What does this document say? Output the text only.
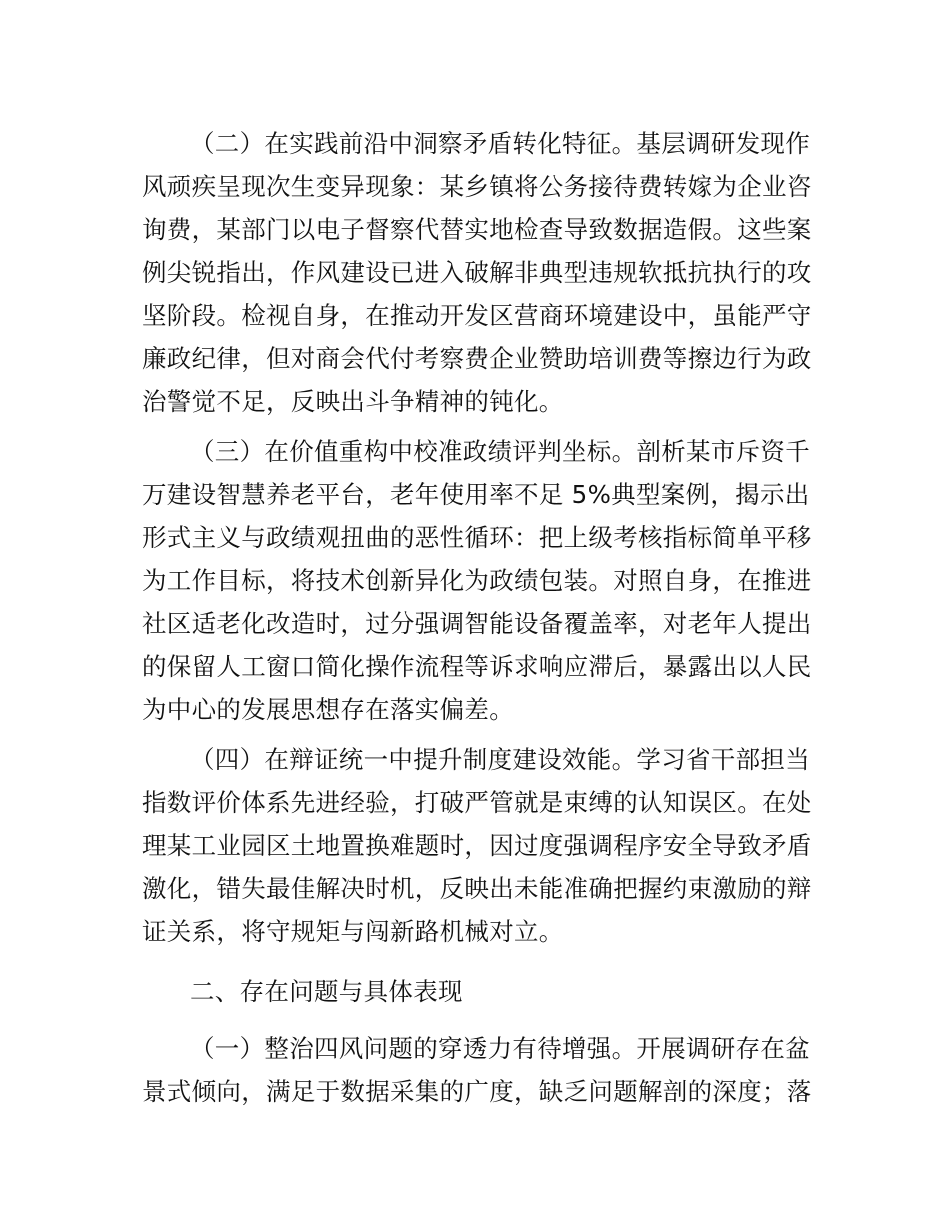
（二）在实践前沿中洞察矛盾转化特征。基层调研发现作
风顽疾呈现次生变异现象：某乡镇将公务接待费转嫁为企业咨
询费，某部门以电子督察代替实地检查导致数据造假。这些案
例尖锐指出，作风建设已进入破解非典型违规软抵抗执行的攻
坚阶段。检视自身，在推动开发区营商环境建设中，虽能严守
廉政纪律，但对商会代付考察费企业赞助培训费等擦边行为政
治警觉不足，反映出斗争精神的钝化。
（三）在价值重构中校准政绩评判坐标。剖析某市斥资千
万建设智慧养老平台，老年使用率不足 5%典型案例，揭示出
形式主义与政绩观扭曲的恶性循环：把上级考核指标简单平移
为工作目标，将技术创新异化为政绩包装。对照自身，在推进
社区适老化改造时，过分强调智能设备覆盖率，对老年人提出
的保留人工窗口简化操作流程等诉求响应滞后，暴露出以人民
为中心的发展思想存在落实偏差。
（四）在辩证统一中提升制度建设效能。学习省干部担当
指数评价体系先进经验，打破严管就是束缚的认知误区。在处
理某工业园区土地置换难题时，因过度强调程序安全导致矛盾
激化，错失最佳解决时机，反映出未能准确把握约束激励的辩
证关系，将守规矩与闯新路机械对立。
二、存在问题与具体表现
（一）整治四风问题的穿透力有待增强。开展调研存在盆
景式倾向，满足于数据采集的广度，缺乏问题解剖的深度；落
